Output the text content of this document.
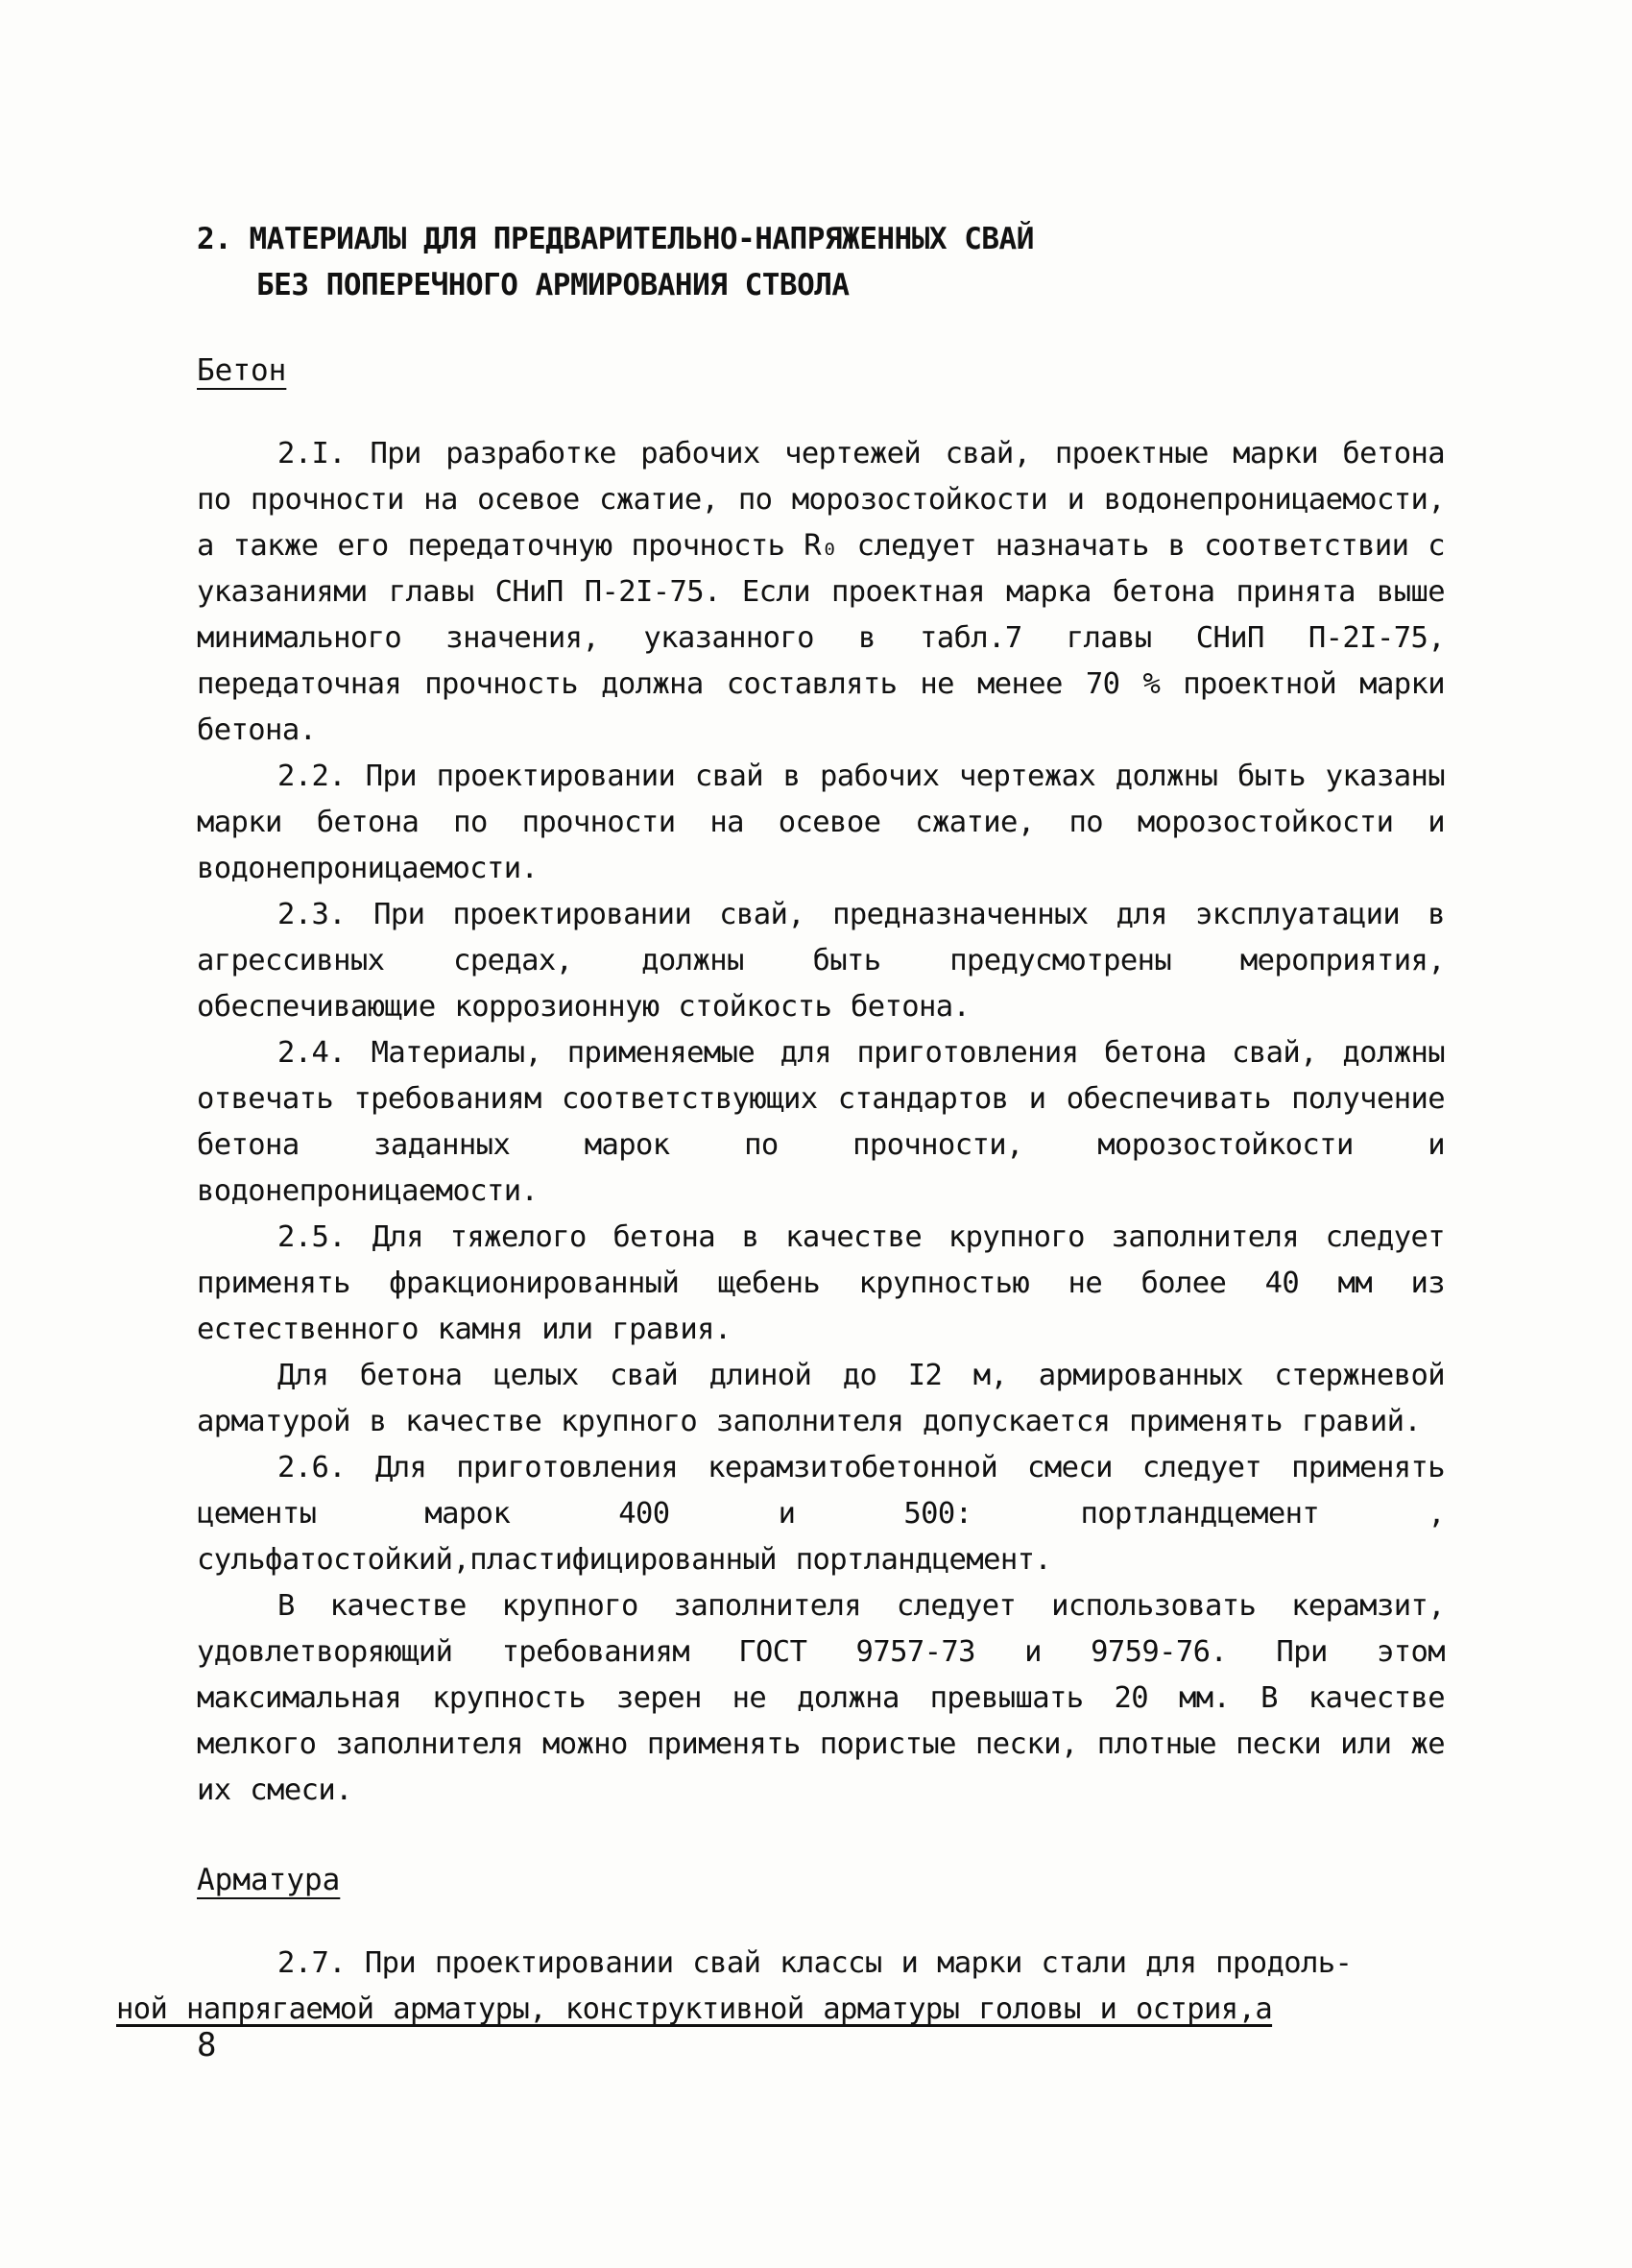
2. МАТЕРИАЛЫ ДЛЯ ПРЕДВАРИТЕЛЬНО-НАПРЯЖЕННЫХ СВАЙ
БЕЗ ПОПЕРЕЧНОГО АРМИРОВАНИЯ СТВОЛА
Бетон

2.I. При разработке рабочих чертежей свай, проектные марки бетона по прочности на осевое сжатие, по морозостойкости и водонепроницаемости, а также его передаточную прочность R₀ следует назначать в соответствии с указаниями главы СНиП П-2I-75. Если проектная марка бетона принята выше минимального значения, указанного в табл.7 главы СНиП П-2I-75, передаточная прочность должна составлять не менее 70 % проектной марки бетона.

2.2. При проектировании свай в рабочих чертежах должны быть указаны марки бетона по прочности на осевое сжатие, по морозостойкости и водонепроницаемости.

2.3. При проектировании свай, предназначенных для эксплуатации в агрессивных средах, должны быть предусмотрены мероприятия, обеспечивающие коррозионную стойкость бетона.

2.4. Материалы, применяемые для приготовления бетона свай, должны отвечать требованиям соответствующих стандартов и обеспечивать получение бетона заданных марок по прочности, морозостойкости и водонепроницаемости.

2.5. Для тяжелого бетона в качестве крупного заполнителя следует применять фракционированный щебень крупностью не более 40 мм из естественного камня или гравия.

Для бетона целых свай длиной до I2 м, армированных стержневой арматурой в качестве крупного заполнителя допускается применять гравий.

2.6. Для приготовления керамзитобетонной смеси следует применять цементы марок 400 и 500: портландцемент , сульфатостойкий,пластифицированный портландцемент.

В качестве крупного заполнителя следует использовать керамзит, удовлетворяющий требованиям ГОСТ 9757-73 и 9759-76. При этом максимальная крупность зерен не должна превышать 20 мм. В качестве мелкого заполнителя можно применять пористые пески, плотные пески или же их смеси.

Арматура

2.7. При проектировании свай классы и марки стали для продоль-
ной напрягаемой арматуры, конструктивной арматуры головы и острия,а

8
